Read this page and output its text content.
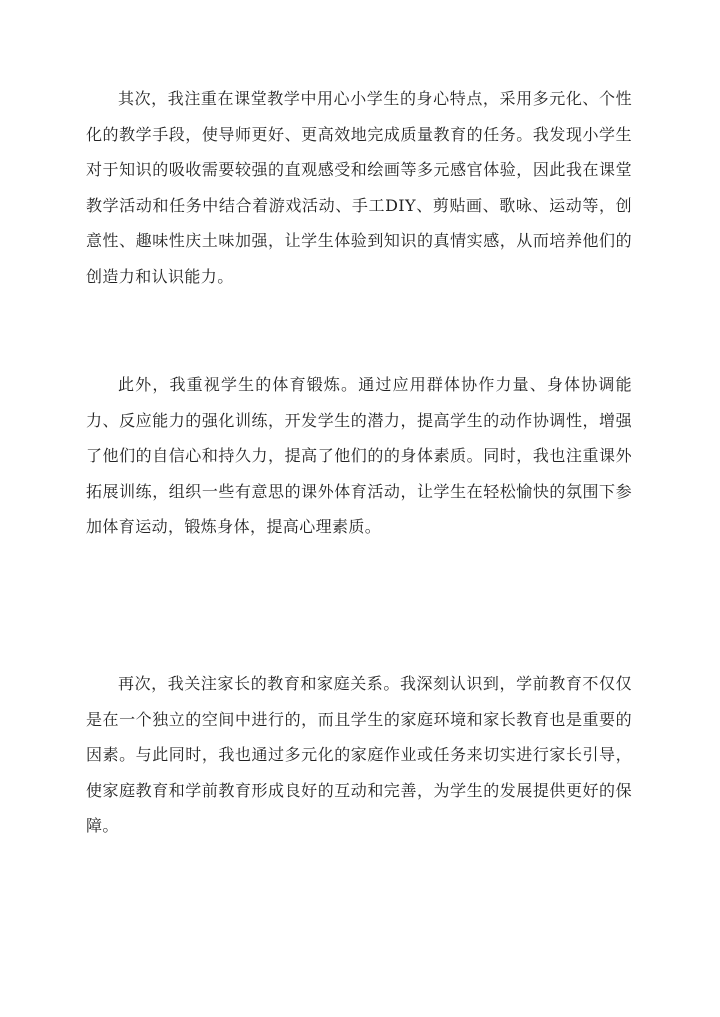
其次，我注重在课堂教学中用心小学生的身心特点，采用多元化、个性化的教学手段，使导师更好、更高效地完成质量教育的任务。我发现小学生对于知识的吸收需要较强的直观感受和绘画等多元感官体验，因此我在课堂教学活动和任务中结合着游戏活动、手工DIY、剪贴画、歌咏、运动等，创意性、趣味性庆土味加强，让学生体验到知识的真情实感，从而培养他们的创造力和认识能力。

此外，我重视学生的体育锻炼。通过应用群体协作力量、身体协调能力、反应能力的强化训练，开发学生的潜力，提高学生的动作协调性，增强了他们的自信心和持久力，提高了他们的的身体素质。同时，我也注重课外拓展训练，组织一些有意思的课外体育活动，让学生在轻松愉快的氛围下参加体育运动，锻炼身体，提高心理素质。

再次，我关注家长的教育和家庭关系。我深刻认识到，学前教育不仅仅是在一个独立的空间中进行的，而且学生的家庭环境和家长教育也是重要的因素。与此同时，我也通过多元化的家庭作业或任务来切实进行家长引导，使家庭教育和学前教育形成良好的互动和完善，为学生的发展提供更好的保障。
